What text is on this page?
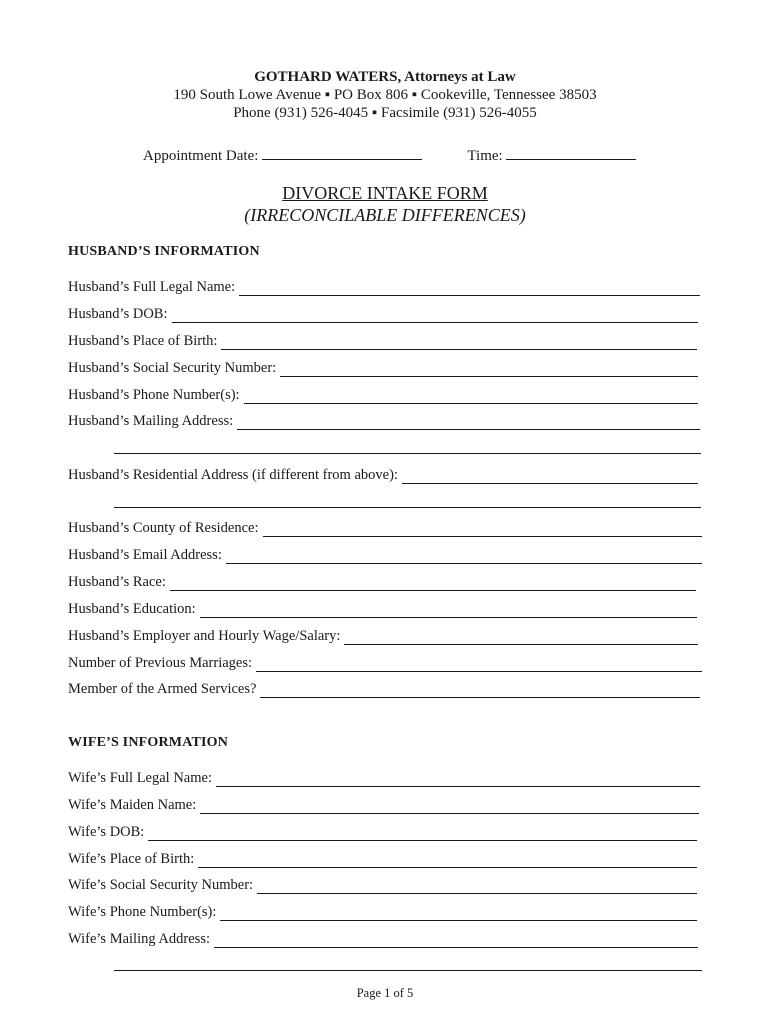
GOTHARD WATERS, Attorneys at Law
190 South Lowe Avenue ▪ PO Box 806 ▪ Cookeville, Tennessee 38503
Phone (931) 526-4045 ▪ Facsimile (931) 526-4055
Appointment Date:	Time:
DIVORCE INTAKE FORM
(IRRECONCILABLE DIFFERENCES)
HUSBAND’S INFORMATION
Husband’s Full Legal Name:
Husband’s DOB:
Husband’s Place of Birth:
Husband’s Social Security Number:
Husband’s Phone Number(s):
Husband’s Mailing Address:
Husband’s Residential Address (if different from above):
Husband’s County of Residence:
Husband’s Email Address:
Husband’s Race:
Husband’s Education:
Husband’s Employer and Hourly Wage/Salary:
Number of Previous Marriages:
Member of the Armed Services?
WIFE’S INFORMATION
Wife’s Full Legal Name:
Wife’s Maiden Name:
Wife’s DOB:
Wife’s Place of Birth:
Wife’s Social Security Number:
Wife’s Phone Number(s):
Wife’s Mailing Address:
Page 1 of 5
